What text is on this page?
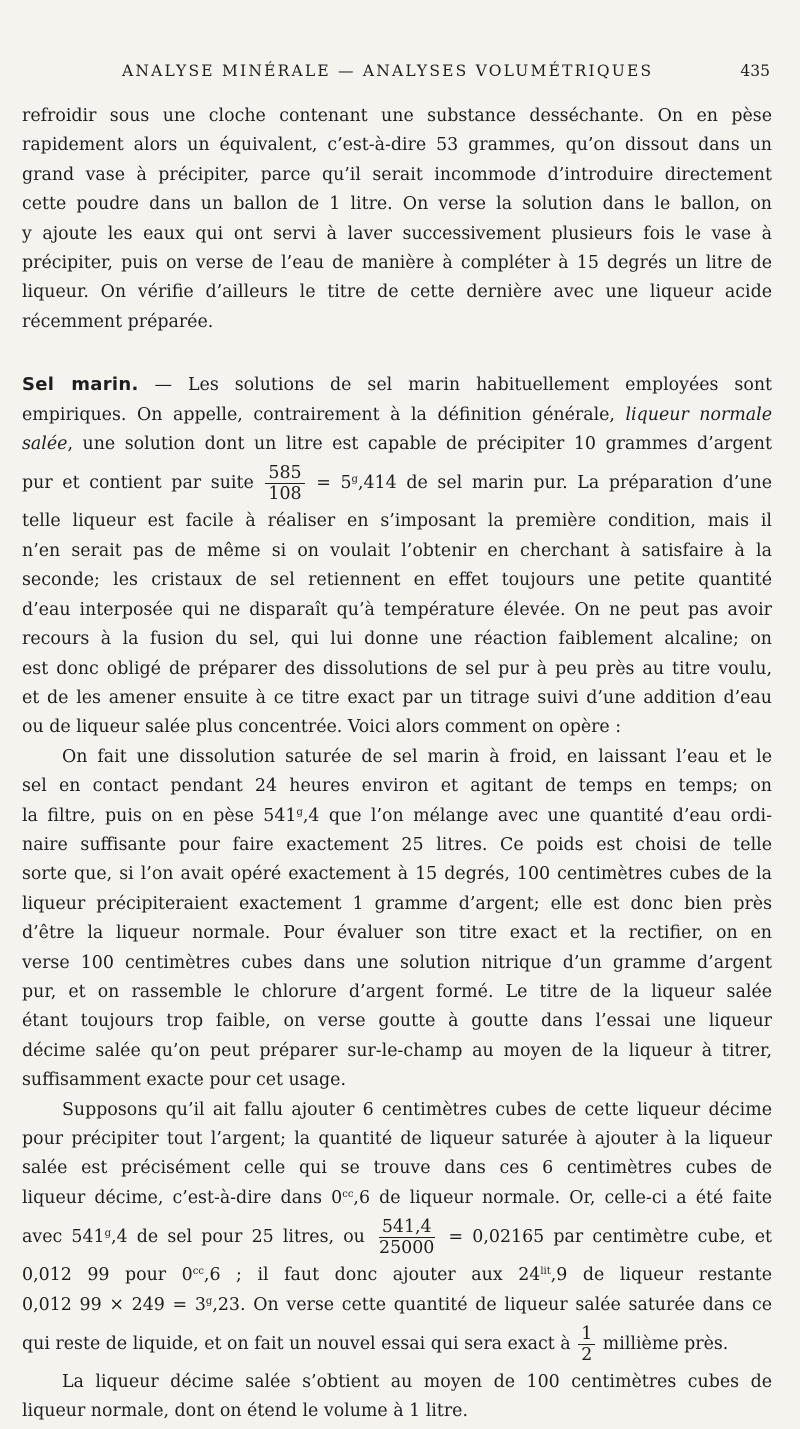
ANALYSE MINÉRALE — ANALYSES VOLUMÉTRIQUES	435
refroidir sous une cloche contenant une substance desséchante. On en pèse
rapidement alors un équivalent, c’est-à-dire 53 grammes, qu’on dissout dans un
grand vase à précipiter, parce qu’il serait incommode d’introduire directement
cette poudre dans un ballon de 1 litre. On verse la solution dans le ballon, on
y ajoute les eaux qui ont servi à laver successivement plusieurs fois le vase à
précipiter, puis on verse de l’eau de manière à compléter à 15 degrés un litre de
liqueur. On vérifie d’ailleurs le titre de cette dernière avec une liqueur acide
récemment préparée.
Sel marin. — Les solutions de sel marin habituellement employées sont
empiriques. On appelle, contrairement à la définition générale, liqueur normale
salée, une solution dont un litre est capable de précipiter 10 grammes d’argent
pur et contient par suite $\frac{585}{108} = 5^g,414$ de sel marin pur. La préparation d’une
telle liqueur est facile à réaliser en s’imposant la première condition, mais il
n’en serait pas de même si on voulait l’obtenir en cherchant à satisfaire à la
seconde; les cristaux de sel retiennent en effet toujours une petite quantité
d’eau interposée qui ne disparaît qu’à température élevée. On ne peut pas avoir
recours à la fusion du sel, qui lui donne une réaction faiblement alcaline; on
est donc obligé de préparer des dissolutions de sel pur à peu près au titre voulu,
et de les amener ensuite à ce titre exact par un titrage suivi d’une addition d’eau
ou de liqueur salée plus concentrée. Voici alors comment on opère :
On fait une dissolution saturée de sel marin à froid, en laissant l’eau et le
sel en contact pendant 24 heures environ et agitant de temps en temps; on
la filtre, puis on en pèse 541$^g$,4 que l’on mélange avec une quantité d’eau ordi-
naire suffisante pour faire exactement 25 litres. Ce poids est choisi de telle
sorte que, si l’on avait opéré exactement à 15 degrés, 100 centimètres cubes de la
liqueur précipiteraient exactement 1 gramme d’argent; elle est donc bien près
d’être la liqueur normale. Pour évaluer son titre exact et la rectifier, on en
verse 100 centimètres cubes dans une solution nitrique d’un gramme d’argent
pur, et on rassemble le chlorure d’argent formé. Le titre de la liqueur salée
étant toujours trop faible, on verse goutte à goutte dans l’essai une liqueur
décime salée qu’on peut préparer sur-le-champ au moyen de la liqueur à titrer,
suffisamment exacte pour cet usage.
Supposons qu’il ait fallu ajouter 6 centimètres cubes de cette liqueur décime
pour précipiter tout l’argent; la quantité de liqueur saturée à ajouter à la liqueur
salée est précisément celle qui se trouve dans ces 6 centimètres cubes de
liqueur décime, c’est-à-dire dans $0^{cc},6$ de liqueur normale. Or, celle-ci a été faite
avec 541$^g$,4 de sel pour 25 litres, ou $\frac{541,4}{25000} = 0,02165$ par centimètre cube, et
0,012 99 pour $0^{cc},6$ ; il faut donc ajouter aux $24^{lit},9$ de liqueur restante
0,012 $99 \times 249 = 3^g,23$. On verse cette quantité de liqueur salée saturée dans ce
qui reste de liquide, et on fait un nouvel essai qui sera exact à $\frac{1}{2}$ millième près.
La liqueur décime salée s’obtient au moyen de 100 centimètres cubes de
liqueur normale, dont on étend le volume à 1 litre.
